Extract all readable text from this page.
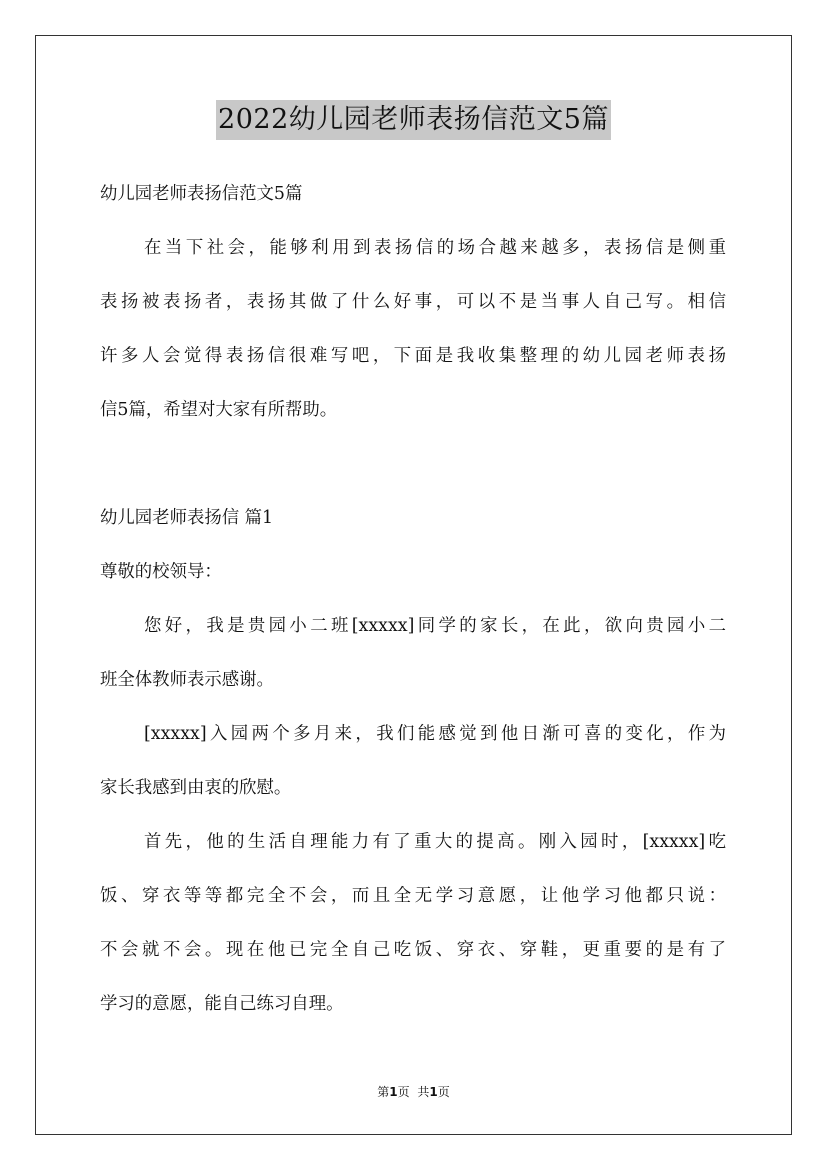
2022幼儿园老师表扬信范文5篇
幼儿园老师表扬信范文5篇
在当下社会，能够利用到表扬信的场合越来越多，表扬信是侧重
表扬被表扬者，表扬其做了什么好事，可以不是当事人自己写。相信
许多人会觉得表扬信很难写吧，下面是我收集整理的幼儿园老师表扬
信5篇，希望对大家有所帮助。
幼儿园老师表扬信 篇1
尊敬的校领导：
您好，我是贵园小二班[xxxxx]同学的家长，在此，欲向贵园小二
班全体教师表示感谢。
[xxxxx]入园两个多月来，我们能感觉到他日渐可喜的变化，作为
家长我感到由衷的欣慰。
首先，他的生活自理能力有了重大的提高。刚入园时，[xxxxx]吃
饭、穿衣等等都完全不会，而且全无学习意愿，让他学习他都只说：
不会就不会。现在他已完全自己吃饭、穿衣、穿鞋，更重要的是有了
学习的意愿，能自己练习自理。
第1页 共1页
